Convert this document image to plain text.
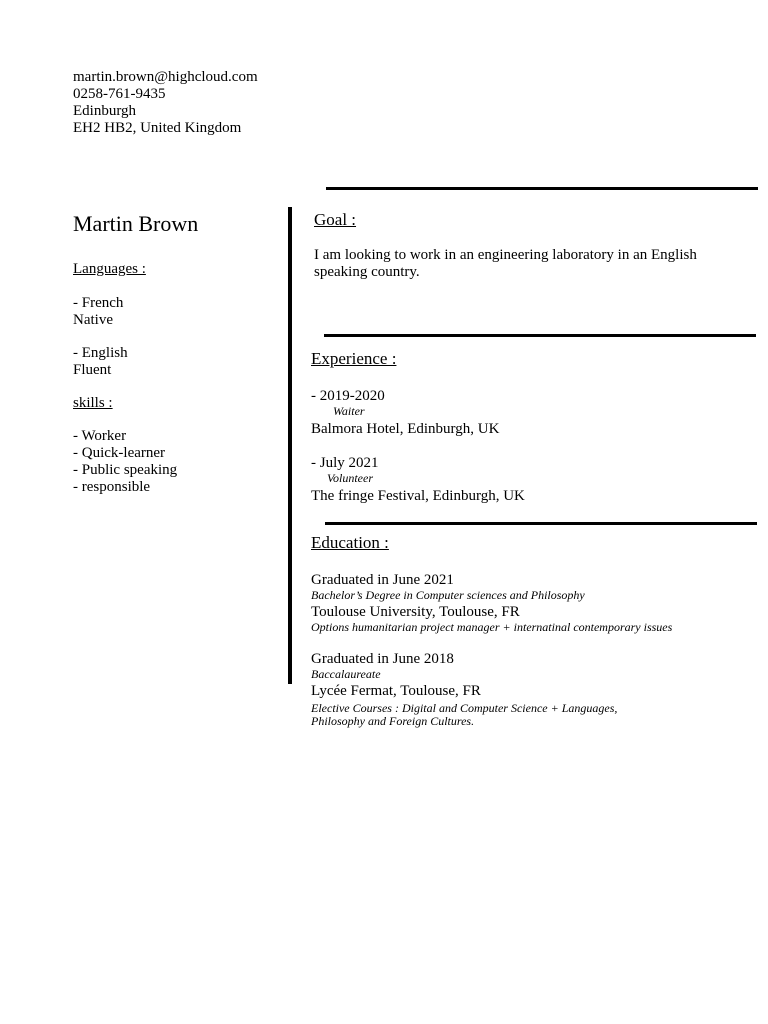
martin.brown@highcloud.com
0258-761-9435
Edinburgh
EH2 HB2, United Kingdom
Martin Brown
Languages :
- French
Native
- English
Fluent
skills :
- Worker
- Quick-learner
- Public speaking
- responsible
Goal :
I am looking to work in an engineering laboratory in an English
speaking country.
Experience :
- 2019-2020
Waiter
Balmora Hotel, Edinburgh, UK
- July 2021
Volunteer
The fringe Festival, Edinburgh, UK
Education :
Graduated in June 2021
Bachelor’s Degree in Computer sciences and Philosophy
Toulouse University, Toulouse, FR
Options humanitarian project manager + internatinal contemporary issues
Graduated in June 2018
Baccalaureate
Lycée Fermat, Toulouse, FR
Elective Courses : Digital and Computer Science + Languages,
Philosophy and Foreign Cultures.
